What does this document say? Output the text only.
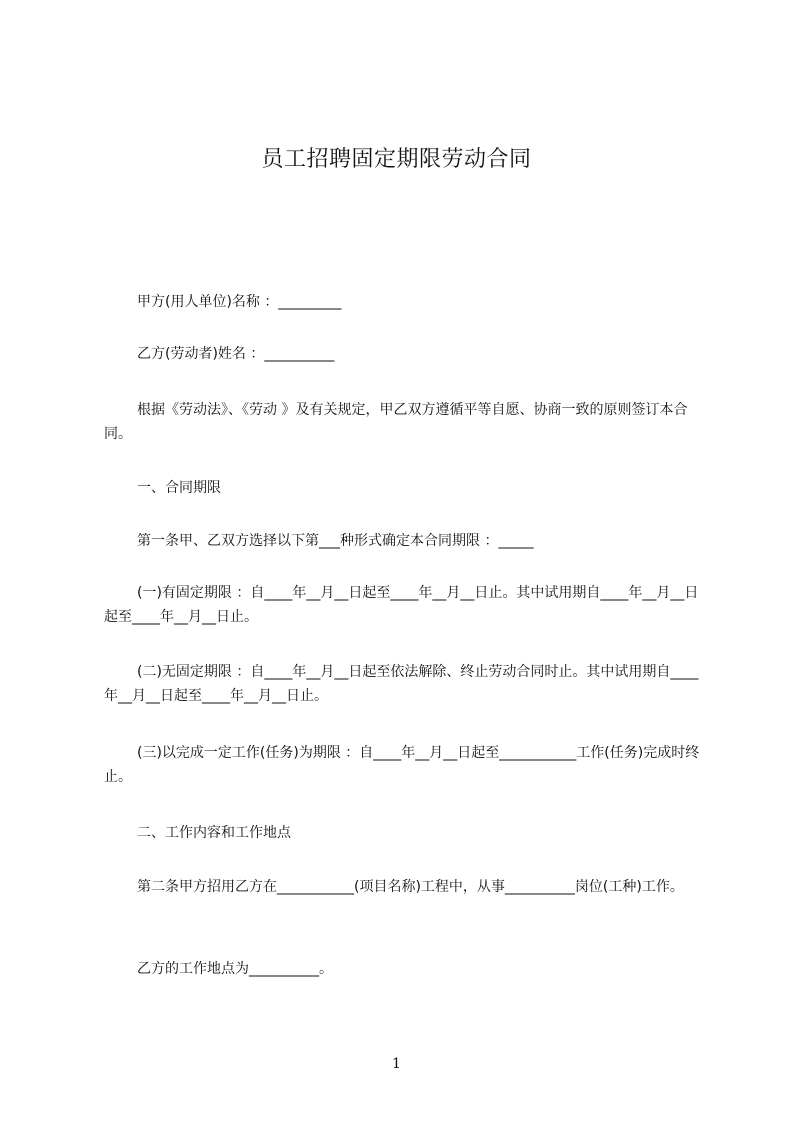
员工招聘固定期限劳动合同

甲方(用人单位)名称 ：_________

乙方(劳动者)姓名 ：__________

根据《劳动法》、《劳动 》及有关规定，甲乙双方遵循平等自愿、协商一致的原则签订本合同。

一、合同期限

第一条甲、乙双方选择以下第___种形式确定本合同期限 ：_____

(一)有固定期限 ：自____年__月__日起至____年__月__日止。其中试用期自____年__月__日起至____年__月__日止。

(二)无固定期限 ：自____年__月__日起至依法解除、终止劳动合同时止。其中试用期自____年__月__日起至____年__月__日止。

(三)以完成一定工作(任务)为期限 ：自____年__月__日起至___________工作(任务)完成时终止。

二、工作内容和工作地点

第二条甲方招用乙方在___________(项目名称)工程中，从事__________岗位(工种)工作。

乙方的工作地点为__________。

1
